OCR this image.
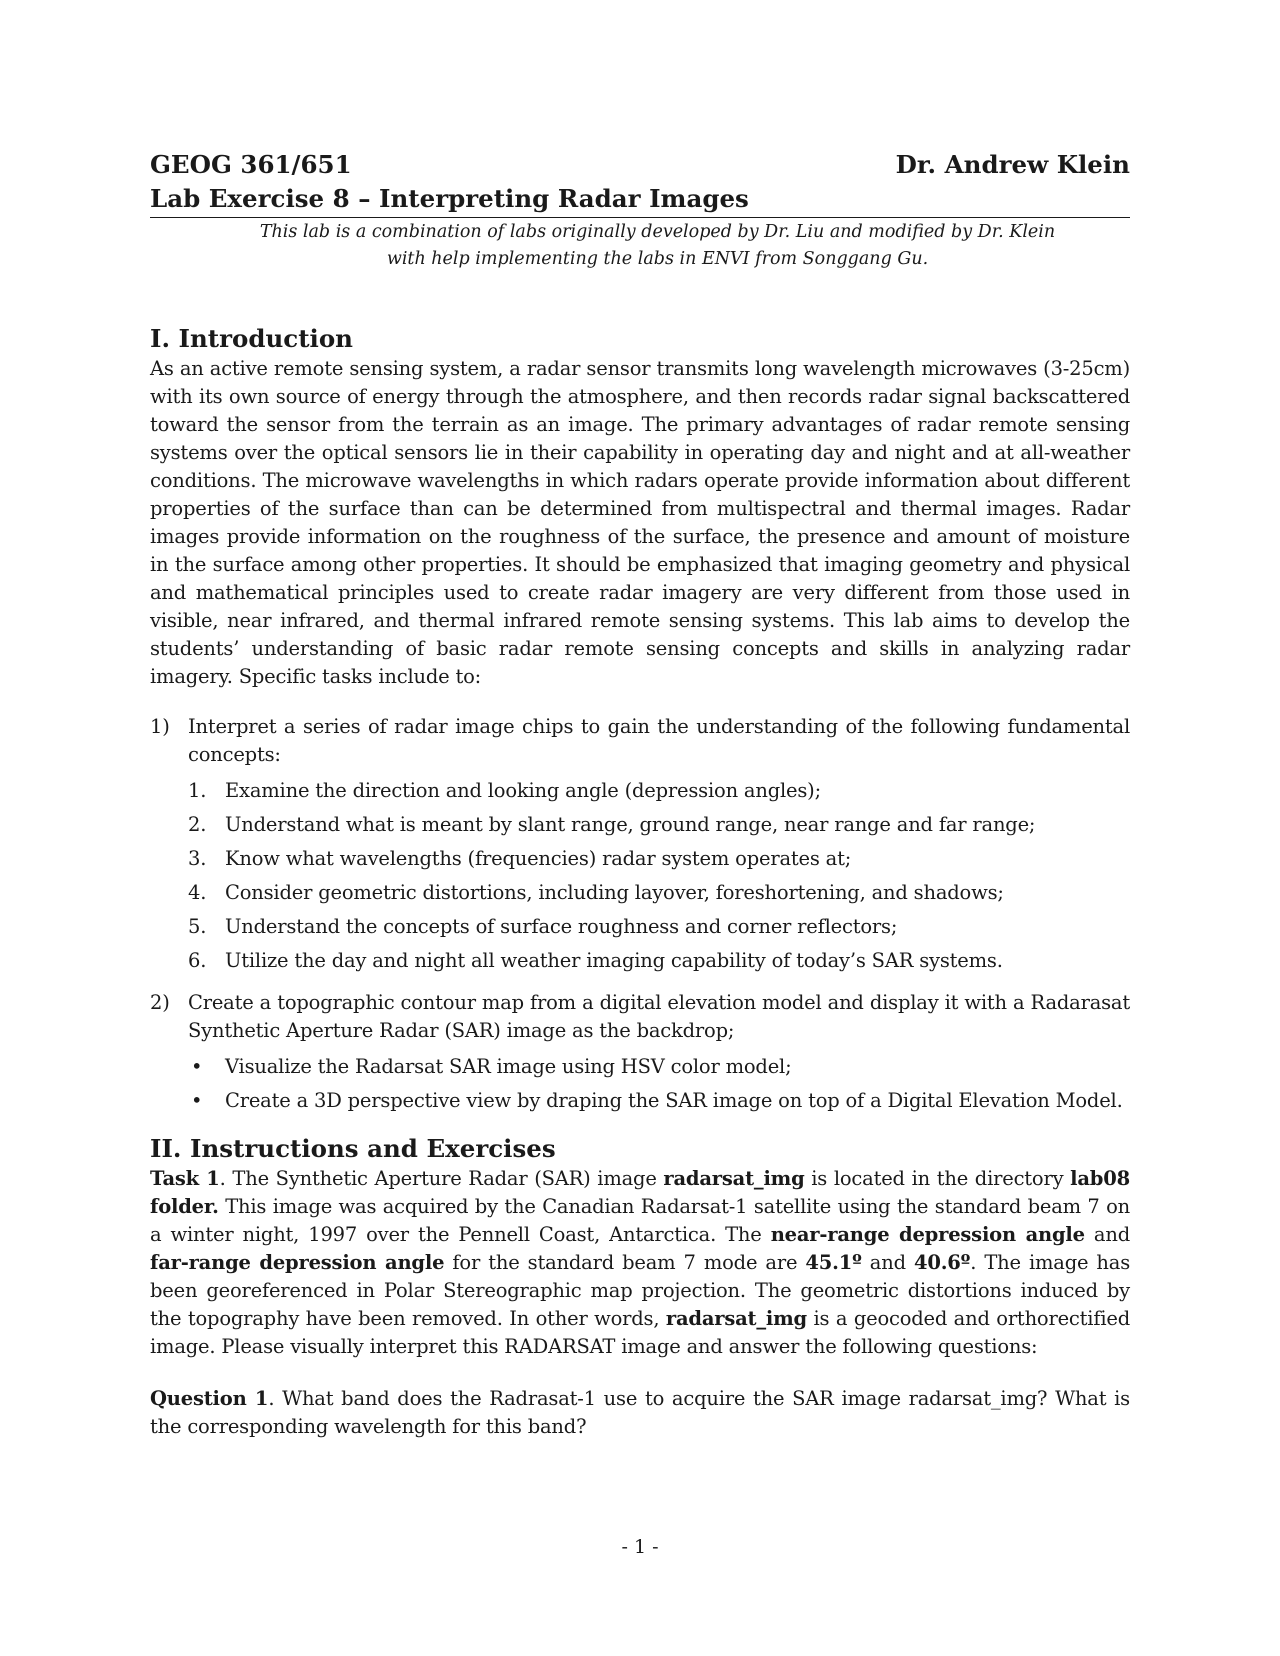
GEOG 361/651	Dr. Andrew Klein
Lab Exercise 8 – Interpreting Radar Images
This lab is a combination of labs originally developed by Dr. Liu and modified by Dr. Klein
with help implementing the labs in ENVI from Songgang Gu.
I. Introduction

As an active remote sensing system, a radar sensor transmits long wavelength microwaves (3-25cm) with its own source of energy through the atmosphere, and then records radar signal backscattered toward the sensor from the terrain as an image. The primary advantages of radar remote sensing systems over the optical sensors lie in their capability in operating day and night and at all-weather conditions. The microwave wavelengths in which radars operate provide information about different properties of the surface than can be determined from multispectral and thermal images. Radar images provide information on the roughness of the surface, the presence and amount of moisture in the surface among other properties. It should be emphasized that imaging geometry and physical and mathematical principles used to create radar imagery are very different from those used in visible, near infrared, and thermal infrared remote sensing systems. This lab aims to develop the students’ understanding of basic radar remote sensing concepts and skills in analyzing radar imagery. Specific tasks include to:

1) Interpret a series of radar image chips to gain the understanding of the following fundamental concepts:
1. Examine the direction and looking angle (depression angles);
2. Understand what is meant by slant range, ground range, near range and far range;
3. Know what wavelengths (frequencies) radar system operates at;
4. Consider geometric distortions, including layover, foreshortening, and shadows;
5. Understand the concepts of surface roughness and corner reflectors;
6. Utilize the day and night all weather imaging capability of today’s SAR systems.
2) Create a topographic contour map from a digital elevation model and display it with a Radarasat Synthetic Aperture Radar (SAR) image as the backdrop;
• Visualize the Radarsat SAR image using HSV color model;
• Create a 3D perspective view by draping the SAR image on top of a Digital Elevation Model.
II. Instructions and Exercises

Task 1. The Synthetic Aperture Radar (SAR) image radarsat_img is located in the directory lab08 folder. This image was acquired by the Canadian Radarsat-1 satellite using the standard beam 7 on a winter night, 1997 over the Pennell Coast, Antarctica. The near-range depression angle and far-range depression angle for the standard beam 7 mode are 45.1º and 40.6º. The image has been georeferenced in Polar Stereographic map projection. The geometric distortions induced by the topography have been removed. In other words, radarsat_img is a geocoded and orthorectified image. Please visually interpret this RADARSAT image and answer the following questions:

Question 1. What band does the Radrasat-1 use to acquire the SAR image radarsat_img? What is the corresponding wavelength for this band?

- 1 -
